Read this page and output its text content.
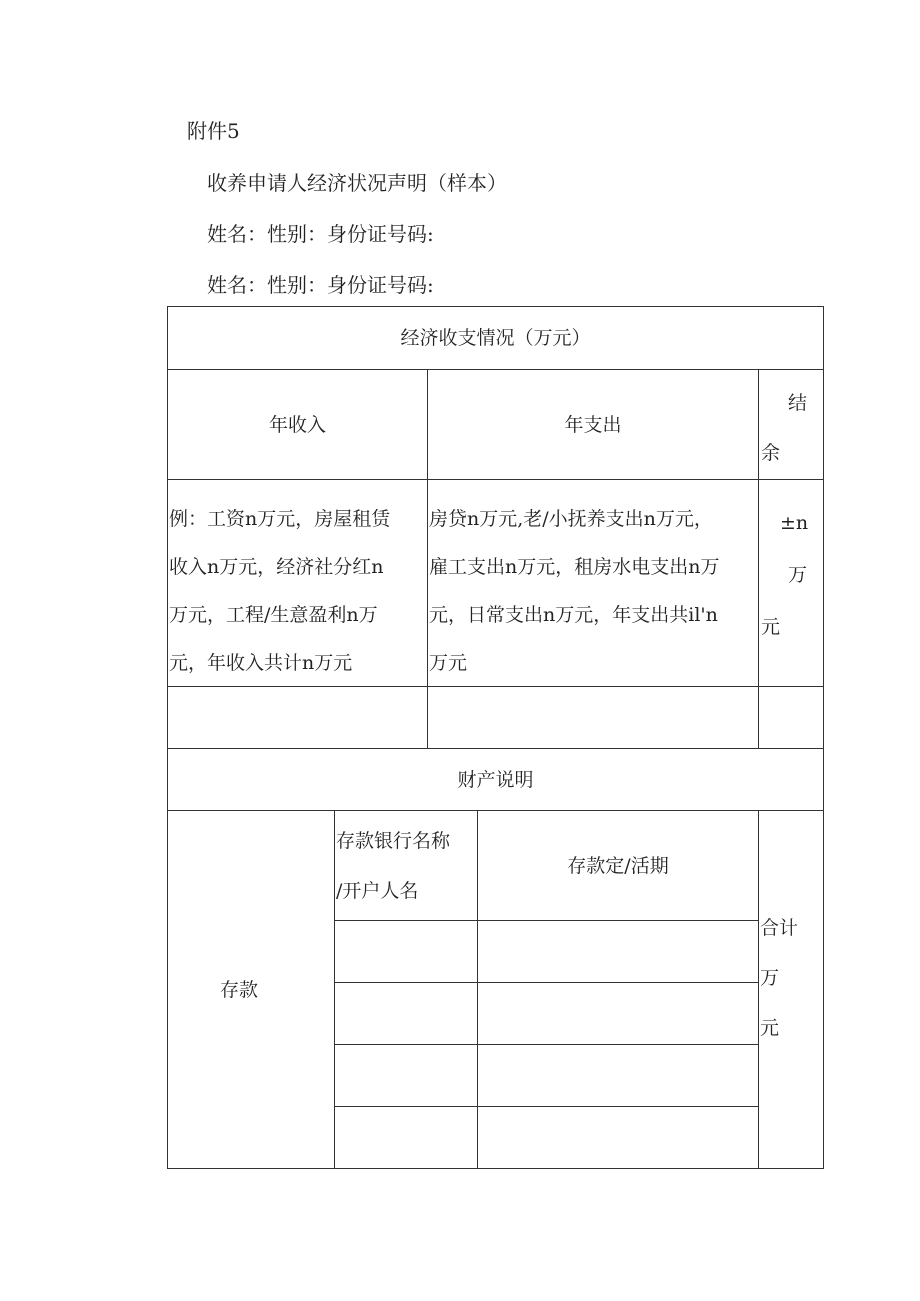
附件5
收养申请人经济状况声明（样本）
姓名：性别：身份证号码:
姓名：性别：身份证号码:
经济收支情况（万元）
年收入	年支出
结
余
例：工资n万元，房屋租赁
收入n万元，经济社分红n
万元，工程/生意盈利n万
元，年收入共计n万元
房贷n万元,老/小抚养支出n万元，
雇工支出n万元，租房水电支出n万
元，日常支出n万元，年支出共il'n
万元
±n
万
元
财产说明
存款
存款银行名称
/开户人名
存款定/活期
合计
万
元
